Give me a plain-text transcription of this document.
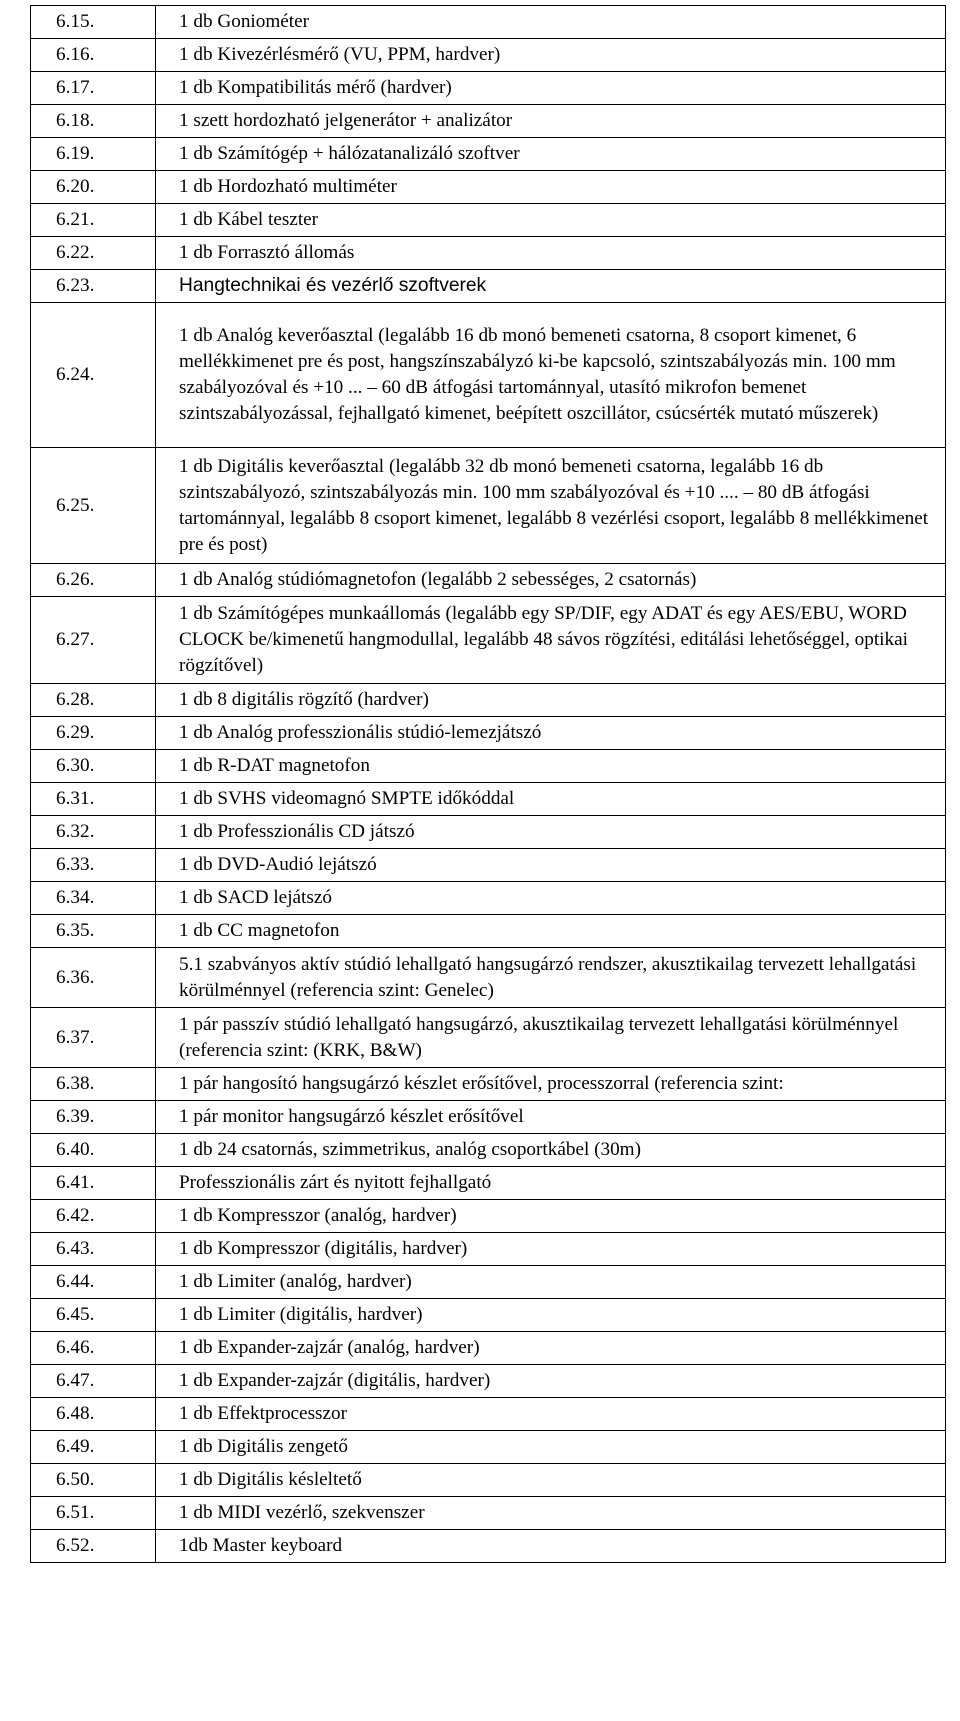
6.15.	1 db Goniométer
6.16.	1 db Kivezérlésmérő (VU, PPM, hardver)
6.17.	1 db Kompatibilitás mérő (hardver)
6.18.	1 szett hordozható jelgenerátor + analizátor
6.19.	1 db Számítógép + hálózatanalizáló szoftver
6.20.	1 db Hordozható multiméter
6.21.	1 db Kábel teszter
6.22.	1 db Forrasztó állomás
6.23.	Hangtechnikai és vezérlő szoftverek
6.24.	1 db Analóg keverőasztal (legalább 16 db monó bemeneti csatorna, 8 csoport kimenet, 6 mellékkimenet pre és post, hangszínszabályzó ki-be kapcsoló, szintszabályozás min. 100 mm szabályozóval és +10 ... – 60 dB átfogási tartománnyal, utasító mikrofon bemenet szintszabályozással, fejhallgató kimenet, beépített oszcillátor, csúcsérték mutató műszerek)
6.25.	1 db Digitális keverőasztal (legalább 32 db monó bemeneti csatorna, legalább 16 db szintszabályozó, szintszabályozás min. 100 mm szabályozóval és +10 .... – 80 dB átfogási tartománnyal, legalább 8 csoport kimenet, legalább 8 vezérlési csoport, legalább 8 mellékkimenet pre és post)
6.26.	1 db Analóg stúdiómagnetofon (legalább 2 sebességes, 2 csatornás)
6.27.	1 db Számítógépes munkaállomás (legalább egy SP/DIF, egy ADAT és egy AES/EBU, WORD CLOCK be/kimenetű hangmodullal, legalább 48 sávos rögzítési, editálási lehetőséggel, optikai rögzítővel)
6.28.	1 db 8 digitális rögzítő (hardver)
6.29.	1 db Analóg professzionális stúdió-lemezjátszó
6.30.	1 db R-DAT magnetofon
6.31.	1 db SVHS videomagnó SMPTE időkóddal
6.32.	1 db Professzionális CD játszó
6.33.	1 db DVD-Audió lejátszó
6.34.	1 db SACD lejátszó
6.35.	1 db CC magnetofon
6.36.	5.1 szabványos aktív stúdió lehallgató hangsugárzó rendszer, akusztikailag tervezett lehallgatási körülménnyel (referencia szint: Genelec)
6.37.	1 pár passzív stúdió lehallgató hangsugárzó, akusztikailag tervezett lehallgatási körülménnyel (referencia szint: (KRK, B&W)
6.38.	1 pár hangosító hangsugárzó készlet erősítővel, processzorral (referencia szint:
6.39.	1 pár monitor hangsugárzó készlet erősítővel
6.40.	1 db 24 csatornás, szimmetrikus, analóg csoportkábel (30m)
6.41.	Professzionális zárt és nyitott fejhallgató
6.42.	1 db Kompresszor (analóg, hardver)
6.43.	1 db Kompresszor (digitális, hardver)
6.44.	1 db Limiter (analóg, hardver)
6.45.	1 db Limiter (digitális, hardver)
6.46.	1 db Expander-zajzár (analóg, hardver)
6.47.	1 db Expander-zajzár (digitális, hardver)
6.48.	1 db Effektprocesszor
6.49.	1 db Digitális zengető
6.50.	1 db Digitális késleltető
6.51.	1 db MIDI vezérlő, szekvenszer
6.52.	1db Master keyboard
